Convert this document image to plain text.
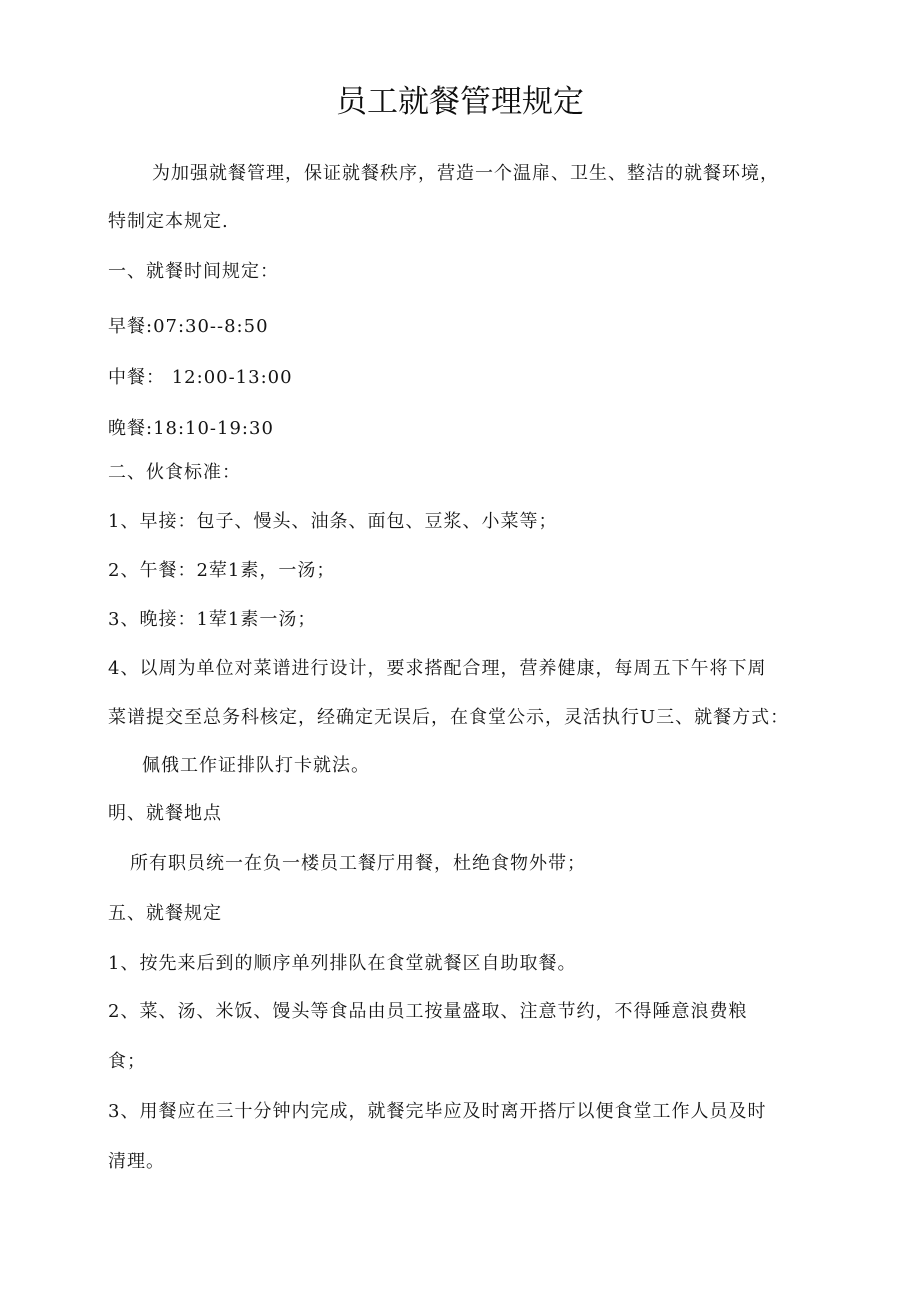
员工就餐管理规定
为加强就餐管理，保证就餐秩序，营造一个温扉、卫生、整洁的就餐环境，
特制定本规定.
一、就餐时间规定：
早餐:07:30--8:50
中餐： 12:00-13:00
晚餐:18:10-19:30
二、伙食标准：
1、早接：包子、慢头、油条、面包、豆浆、小菜等；
2、午餐：2荤1素，一汤；
3、晚接：1荤1素一汤；
4、以周为单位对菜谱进行设计，要求搭配合理，营养健康，每周五下午将下周
菜谱提交至总务科核定，经确定无误后，在食堂公示，灵活执行U三、就餐方式：
佩俄工作证排队打卡就法。
明、就餐地点
所有职员统一在负一楼员工餐厅用餐，杜绝食物外带；
五、就餐规定
1、按先来后到的顺序单列排队在食堂就餐区自助取餐。
2、菜、汤、米饭、馒头等食品由员工按量盛取、注意节约，不得陲意浪费粮
食；
3、用餐应在三十分钟内完成，就餐完毕应及时离开搭厅以便食堂工作人员及时
清理。
